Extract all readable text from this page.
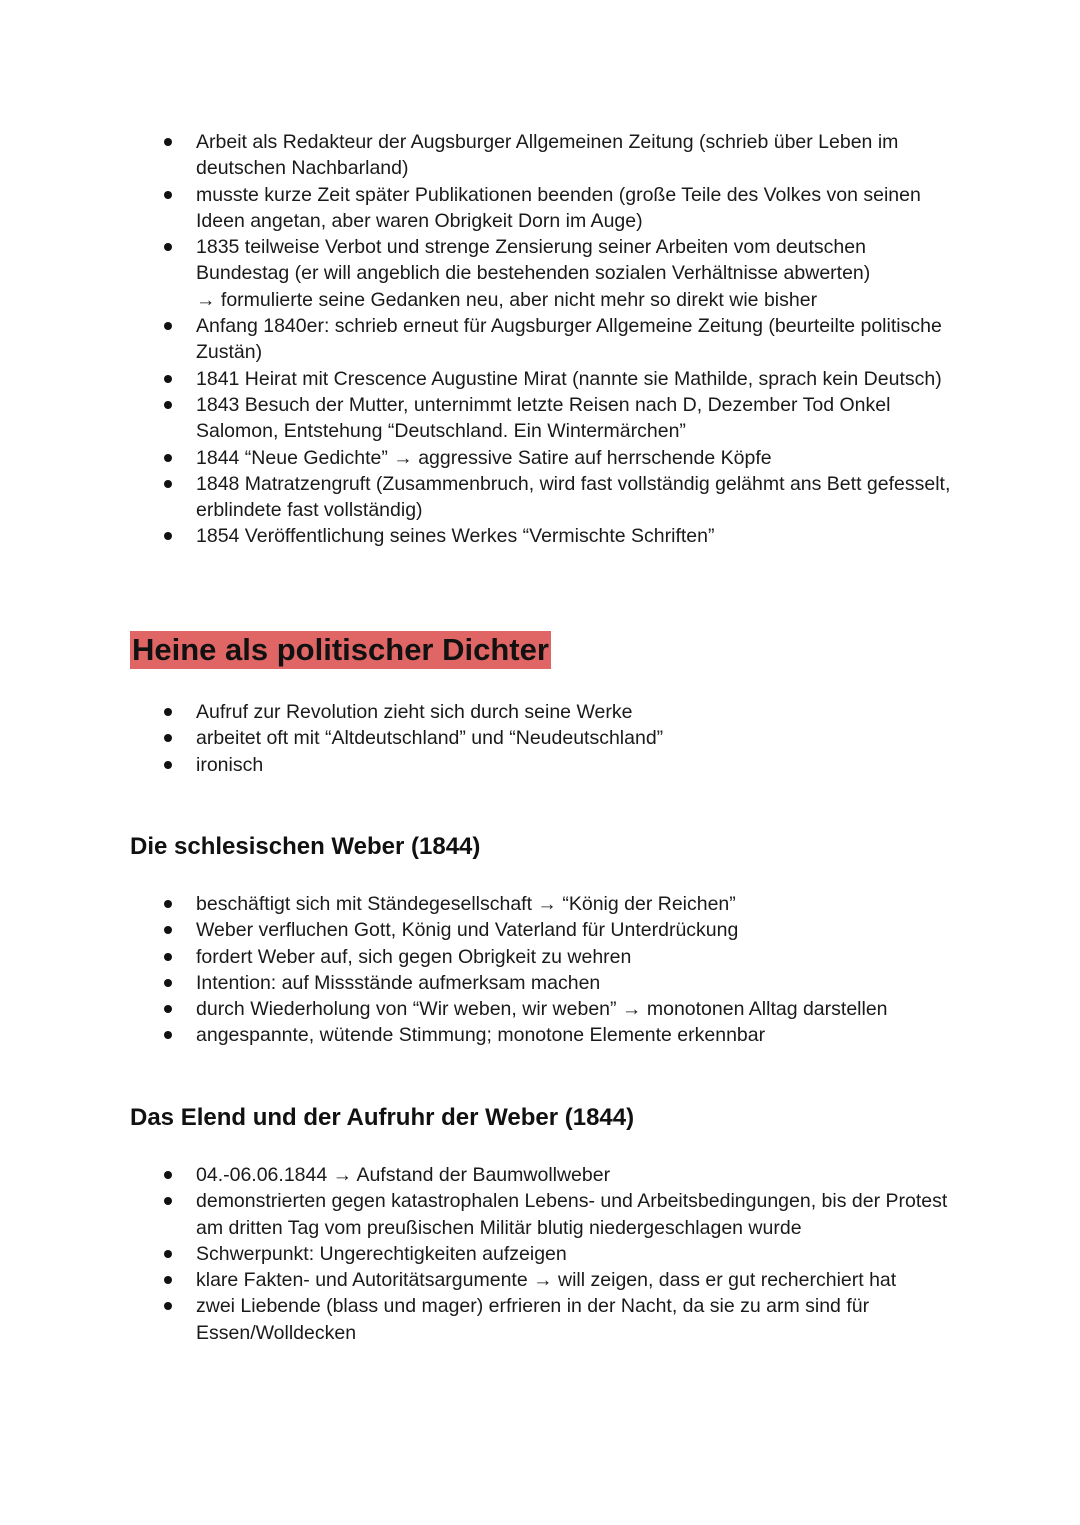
Arbeit als Redakteur der Augsburger Allgemeinen Zeitung (schrieb über Leben im deutschen Nachbarland)
musste kurze Zeit später Publikationen beenden (große Teile des Volkes von seinen Ideen angetan, aber waren Obrigkeit Dorn im Auge)
1835 teilweise Verbot und strenge Zensierung seiner Arbeiten vom deutschen Bundestag (er will angeblich die bestehenden sozialen Verhältnisse abwerten)
→ formulierte seine Gedanken neu, aber nicht mehr so direkt wie bisher
Anfang 1840er: schrieb erneut für Augsburger Allgemeine Zeitung (beurteilte politische Zustän)
1841 Heirat mit Crescence Augustine Mirat (nannte sie Mathilde, sprach kein Deutsch)
1843 Besuch der Mutter, unternimmt letzte Reisen nach D, Dezember Tod Onkel Salomon, Entstehung “Deutschland. Ein Wintermärchen”
1844 “Neue Gedichte” → aggressive Satire auf herrschende Köpfe
1848 Matratzengruft (Zusammenbruch, wird fast vollständig gelähmt ans Bett gefesselt, erblindete fast vollständig)
1854 Veröffentlichung seines Werkes “Vermischte Schriften”
Heine als politischer Dichter
Aufruf zur Revolution zieht sich durch seine Werke
arbeitet oft mit “Altdeutschland” und “Neudeutschland”
ironisch
Die schlesischen Weber (1844)
beschäftigt sich mit Ständegesellschaft → “König der Reichen”
Weber verfluchen Gott, König und Vaterland für Unterdrückung
fordert Weber auf, sich gegen Obrigkeit zu wehren
Intention: auf Missstände aufmerksam machen
durch Wiederholung von “Wir weben, wir weben” → monotonen Alltag darstellen
angespannte, wütende Stimmung; monotone Elemente erkennbar
Das Elend und der Aufruhr der Weber (1844)
04.-06.06.1844 → Aufstand der Baumwollweber
demonstrierten gegen katastrophalen Lebens- und Arbeitsbedingungen, bis der Protest am dritten Tag vom preußischen Militär blutig niedergeschlagen wurde
Schwerpunkt: Ungerechtigkeiten aufzeigen
klare Fakten- und Autoritätsargumente → will zeigen, dass er gut recherchiert hat
zwei Liebende (blass und mager) erfrieren in der Nacht, da sie zu arm sind für Essen/Wolldecken
